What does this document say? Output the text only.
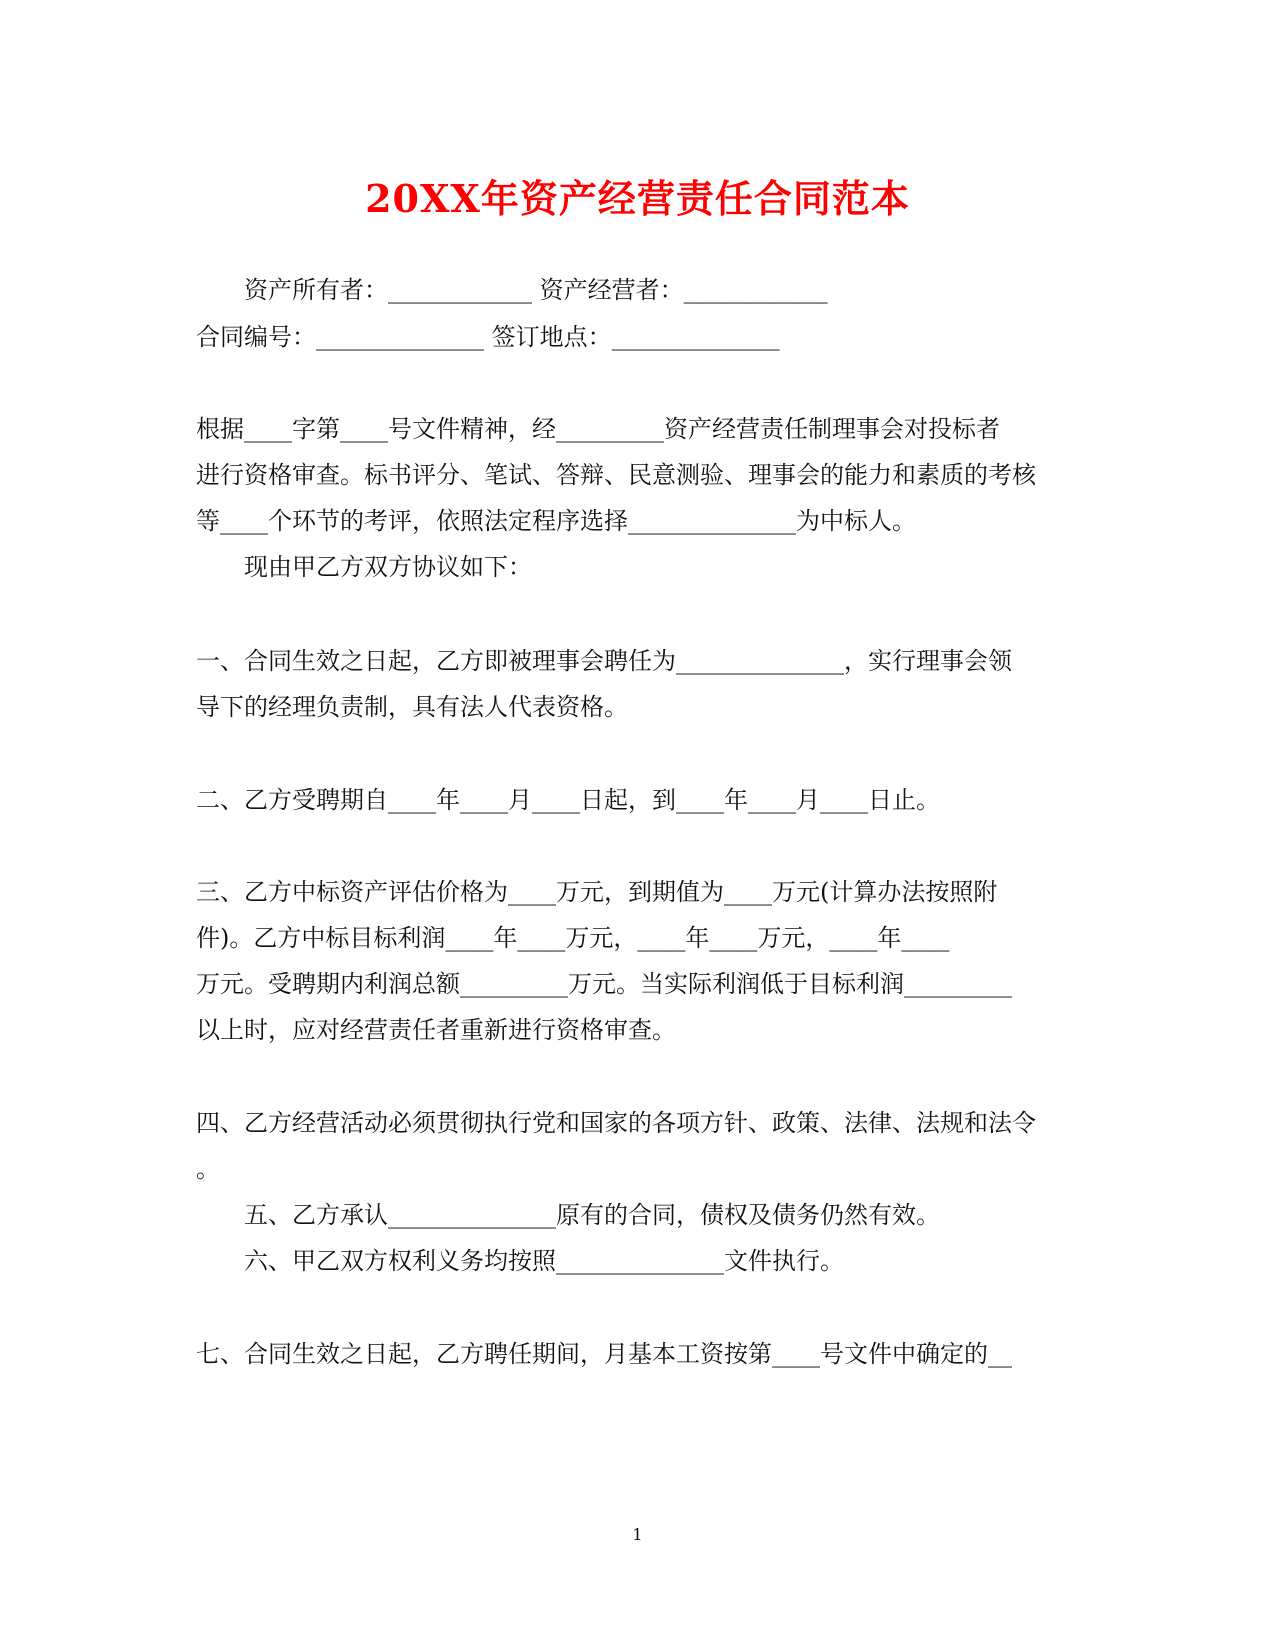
20XX年资产经营责任合同范本
资产所有者：____________ 资产经营者：____________
合同编号：______________ 签订地点：______________
根据____字第____号文件精神，经_________资产经营责任制理事会对投标者
进行资格审查。标书评分、笔试、答辩、民意测验、理事会的能力和素质的考核
等____个环节的考评，依照法定程序选择______________为中标人。
现由甲乙方双方协议如下：
一、合同生效之日起，乙方即被理事会聘任为______________，实行理事会领
导下的经理负责制，具有法人代表资格。
二、乙方受聘期自____年____月____日起，到____年____月____日止。
三、乙方中标资产评估价格为____万元，到期值为____万元(计算办法按照附
件)。乙方中标目标利润____年____万元，____年____万元，____年____
万元。受聘期内利润总额_________万元。当实际利润低于目标利润_________
以上时，应对经营责任者重新进行资格审查。
四、乙方经营活动必须贯彻执行党和国家的各项方针、政策、法律、法规和法令
。
五、乙方承认______________原有的合同，债权及债务仍然有效。
六、甲乙双方权利义务均按照______________文件执行。
七、合同生效之日起，乙方聘任期间，月基本工资按第____号文件中确定的__
1
